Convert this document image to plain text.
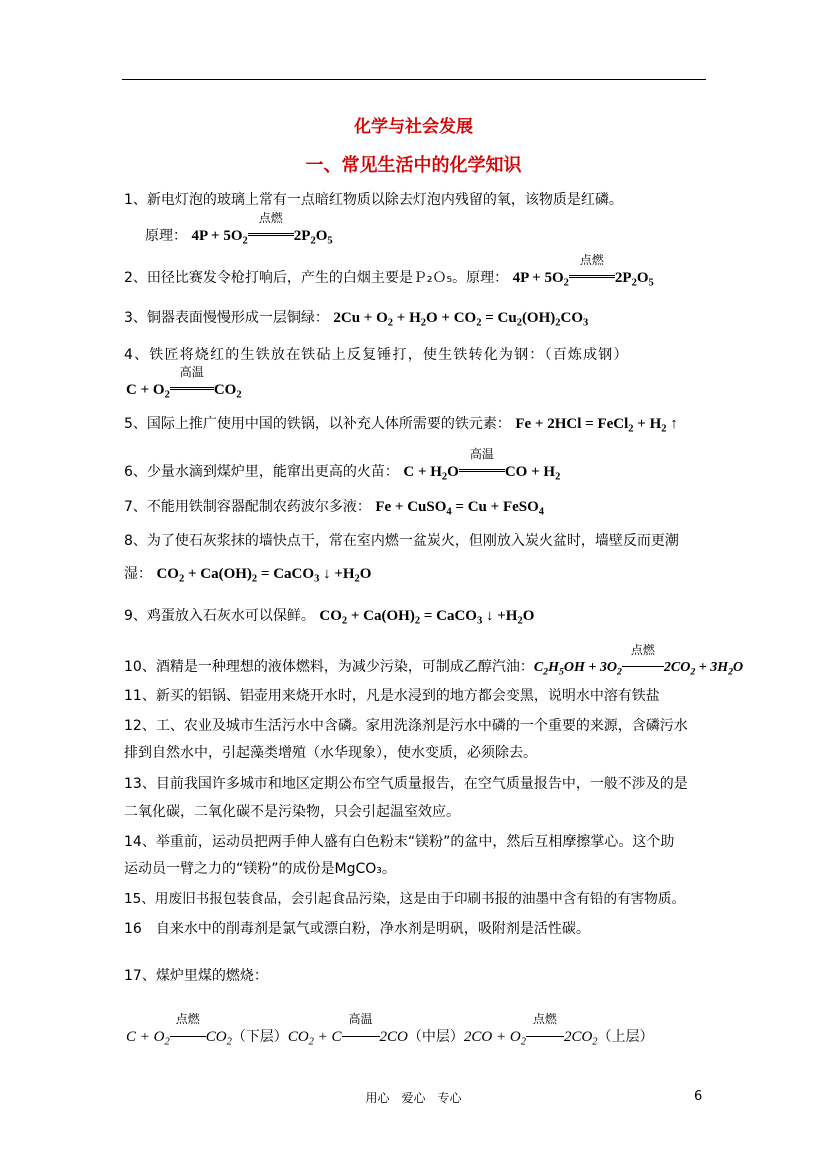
化学与社会发展
一、常见生活中的化学知识
1、新电灯泡的玻璃上常有一点暗红物质以除去灯泡内残留的氧，该物质是红磷。
原理： $4P + 5O_2$
点燃
$2P_2O_5$
2、田径比赛发令枪打响后，产生的白烟主要是Ｐ₂Ｏ₅。原理： $4P + 5O_2$
点燃
$2P_2O_5$
3、铜器表面慢慢形成一层铜绿： $2Cu + O_2 + H_2O + CO_2 = Cu_2(OH)_2CO_3$
4、铁匠将烧红的生铁放在铁砧上反复锤打，使生铁转化为钢：（百炼成钢）
$C + O_2$
高温
$CO_2$
5、国际上推广使用中国的铁锅，以补充人体所需要的铁元素： Fe + 2HCl = FeCl$_2$ + $H_2$ ↑
6、少量水滴到煤炉里，能窜出更高的火苗： $C + H_2O$
高温
CO + $H_2$
7、不能用铁制容器配制农药波尔多液： Fe + CuSO$_4$ = Cu + FeSO$_4$
8、为了使石灰浆抹的墙快点干，常在室内燃一盆炭火，但刚放入炭火盆时，墙壁反而更潮
湿： $CO_2 + Ca(OH)_2$ = CaCO$_3$ ↓ $+H_2O$
9、鸡蛋放入石灰水可以保鲜。 $CO_2 + Ca(OH)_2$ = CaCO$_3$ ↓ $+H_2O$
10、酒精是一种理想的液体燃料，为减少污染，可制成乙醇汽油：$C_2H_5OH + 3O_2$
点燃
$2CO_2 + 3H_2O$
11、新买的铝锅、铝壶用来烧开水时，凡是水浸到的地方都会变黑，说明水中溶有铁盐
12、工、农业及城市生活污水中含磷。家用洗涤剂是污水中磷的一个重要的来源，含磷污水
排到自然水中，引起藻类增殖（水华现象），使水变质，必须除去。
13、目前我国许多城市和地区定期公布空气质量报告，在空气质量报告中，一般不涉及的是
二氧化碳，二氧化碳不是污染物，只会引起温室效应。
14、举重前，运动员把两手伸人盛有白色粉末“镁粉”的盆中，然后互相摩擦掌心。这个助
运动员一臂之力的“镁粉”的成份是MgCO₃。
15、用废旧书报包装食品，会引起食品污染，这是由于印刷书报的油墨中含有铅的有害物质。
16　自来水中的削毒剂是氯气或漂白粉，净水剂是明矾，吸附剂是活性碳。
17、煤炉里煤的燃烧：
$C + O_2$
点燃
$CO_2$（下层）$CO_2 + C$
高温
2CO（中层）$2CO + O_2$
点燃
$2CO_2$（上层）
用心　爱心　专心	6
